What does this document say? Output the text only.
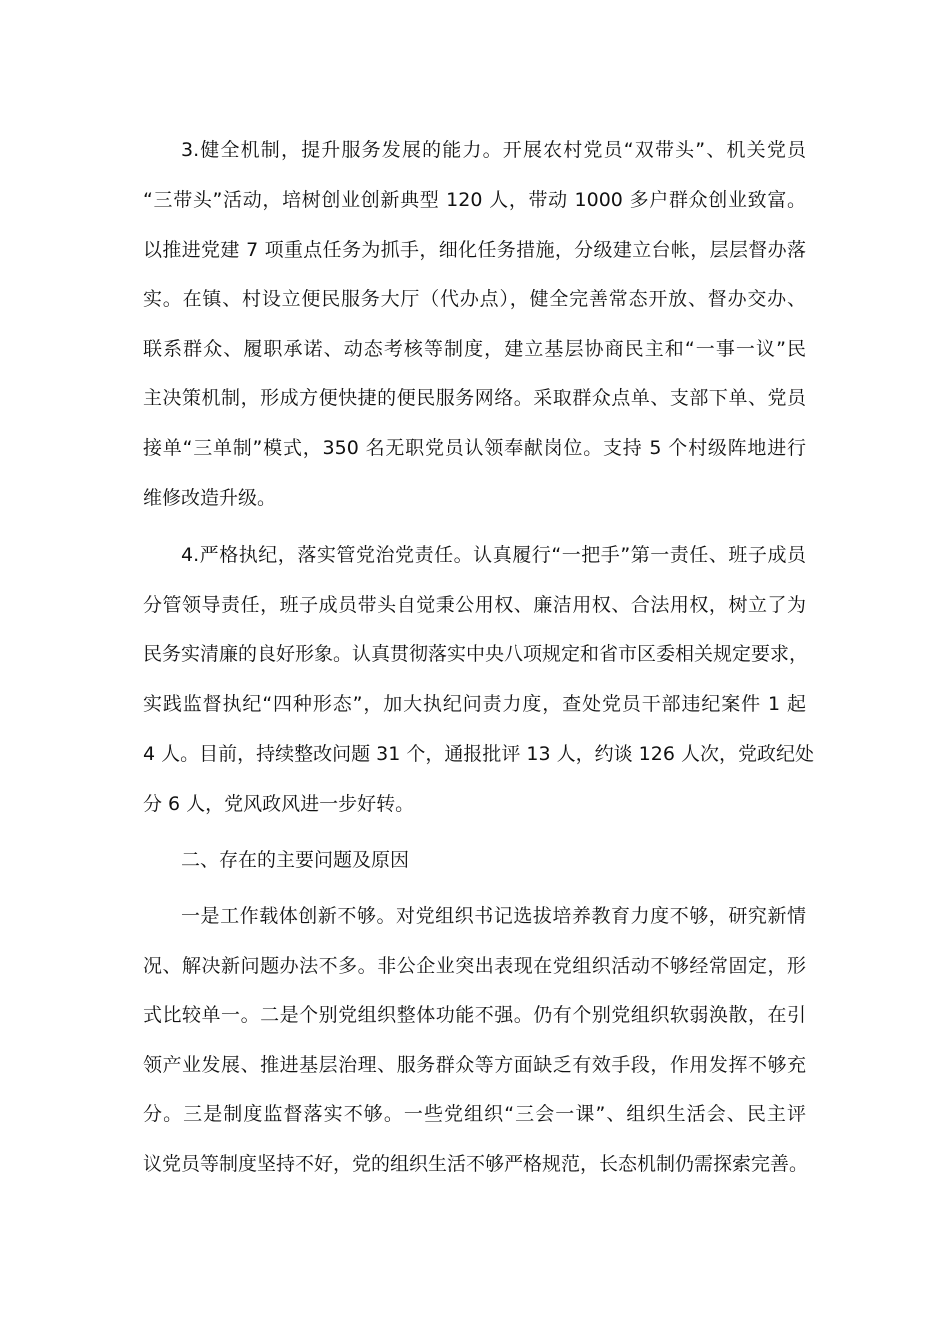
3.健全机制，提升服务发展的能力。开展农村党员“双带头”、机关党员
“三带头”活动，培树创业创新典型 120 人，带动 1000 多户群众创业致富。
以推进党建 7 项重点任务为抓手，细化任务措施，分级建立台帐，层层督办落
实。在镇、村设立便民服务大厅（代办点），健全完善常态开放、督办交办、
联系群众、履职承诺、动态考核等制度，建立基层协商民主和“一事一议”民
主决策机制，形成方便快捷的便民服务网络。采取群众点单、支部下单、党员
接单“三单制”模式，350 名无职党员认领奉献岗位。支持 5 个村级阵地进行
维修改造升级。
4.严格执纪，落实管党治党责任。认真履行“一把手”第一责任、班子成员
分管领导责任，班子成员带头自觉秉公用权、廉洁用权、合法用权，树立了为
民务实清廉的良好形象。认真贯彻落实中央八项规定和省市区委相关规定要求，
实践监督执纪“四种形态”，加大执纪问责力度，查处党员干部违纪案件 1 起
4 人。目前，持续整改问题 31 个，通报批评 13 人，约谈 126 人次，党政纪处
分 6 人，党风政风进一步好转。
二、存在的主要问题及原因
一是工作载体创新不够。对党组织书记选拔培养教育力度不够，研究新情
况、解决新问题办法不多。非公企业突出表现在党组织活动不够经常固定，形
式比较单一。二是个别党组织整体功能不强。仍有个别党组织软弱涣散，在引
领产业发展、推进基层治理、服务群众等方面缺乏有效手段，作用发挥不够充
分。三是制度监督落实不够。一些党组织“三会一课”、组织生活会、民主评
议党员等制度坚持不好，党的组织生活不够严格规范，长态机制仍需探索完善。
